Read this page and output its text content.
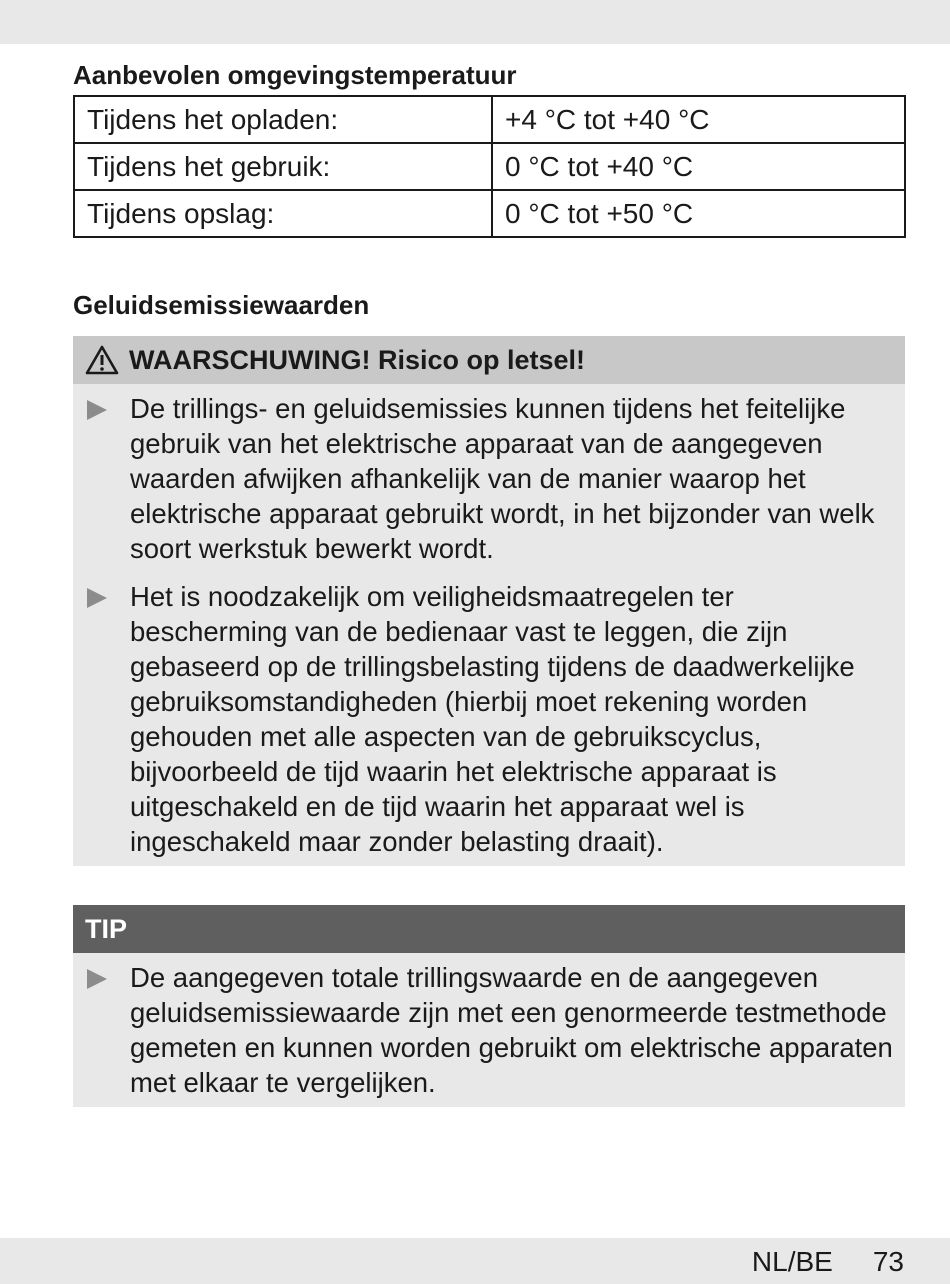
Aanbevolen omgevingstemperatuur
Tijdens het opladen:	+4 °C tot +40 °C
Tijdens het gebruik:	0 °C tot +40 °C
Tijdens opslag:	0 °C tot +50 °C
Geluidsemissiewaarden
WAARSCHUWING! Risico op letsel!
De trillings- en geluidsemissies kunnen tijdens het feitelijke gebruik van het elektrische apparaat van de aangegeven waarden afwijken afhankelijk van de manier waarop het elektrische apparaat gebruikt wordt, in het bijzonder van welk soort werkstuk bewerkt wordt.
Het is noodzakelijk om veiligheidsmaatregelen ter bescherming van de bedienaar vast te leggen, die zijn gebaseerd op de trillingsbelasting tijdens de daadwerkelijke gebruiksomstandigheden (hierbij moet rekening worden gehouden met alle aspecten van de gebruikscyclus, bijvoorbeeld de tijd waarin het elektrische apparaat is uitgeschakeld en de tijd waarin het apparaat wel is ingeschakeld maar zonder belasting draait).
TIP
De aangegeven totale trillingswaarde en de aangegeven geluidsemissiewaarde zijn met een genormeerde testmethode gemeten en kunnen worden gebruikt om elektrische apparaten met elkaar te vergelijken.
NL/BE 73
